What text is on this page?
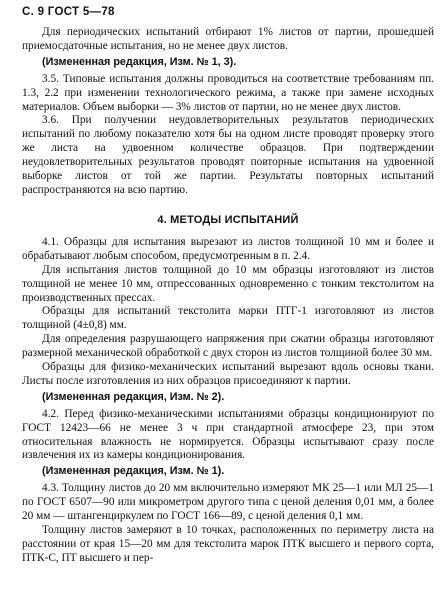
С. 9 ГОСТ 5—78

Для периодических испытаний отбирают 1% листов от партии, прошедшей приемосдаточные испытания, но не менее двух листов.

(Измененная редакция, Изм. № 1, 3).

3.5. Типовые испытания должны проводиться на соответствие требованиям пп. 1.3, 2.2 при изменении технологического режима, а также при замене исходных материалов. Объем выборки — 3% листов от партии, но не менее двух листов.

3.6. При получении неудовлетворительных результатов периодических испытаний по любому показателю хотя бы на одном листе проводят проверку этого же листа на удвоенном количестве образцов. При подтверждении неудовлетворительных результатов проводят повторные испытания на удвоенной выборке листов от той же партии. Результаты повторных испытаний распространяются на всю партию.

4. МЕТОДЫ ИСПЫТАНИЙ

4.1. Образцы для испытания вырезают из листов толщиной 10 мм и более и обрабатывают любым способом, предусмотренным в п. 2.4.

Для испытания листов толщиной до 10 мм образцы изготовляют из листов толщиной не менее 10 мм, отпрессованных одновременно с тонким текстолитом на производственных прессах.

Образцы для испытаний текстолита марки ПТГ-1 изготовляют из листов толщиной (4±0,8) мм.

Для определения разрушающего напряжения при сжатии образцы изготовляют размерной механической обработкой с двух сторон из листов толщиной более 30 мм.

Образцы для физико-механических испытаний вырезают вдоль основы ткани. Листы после изготовления из них образцов присоединяют к партии.

(Измененная редакция, Изм. № 2).

4.2. Перед физико-механическими испытаниями образцы кондиционируют по ГОСТ 12423—66 не менее 3 ч при стандартной атмосфере 23, при этом относительная влажность не нормируется. Образцы испытывают сразу после извлечения их из камеры кондиционирования.

(Измененная редакция, Изм. № 1).

4.3. Толщину листов до 20 мм включительно измеряют МК 25—1 или МЛ 25—1 по ГОСТ 6507—90 или микрометром другого типа с ценой деления 0,01 мм, а более 20 мм — штангенциркулем по ГОСТ 166—89, с ценой деления 0,1 мм.

Толщину листов замеряют в 10 точках, расположенных по периметру листа на расстоянии от края 15—20 мм для текстолита марок ПТК высшего и первого сорта, ПТК-С, ПТ высшего и пер-
